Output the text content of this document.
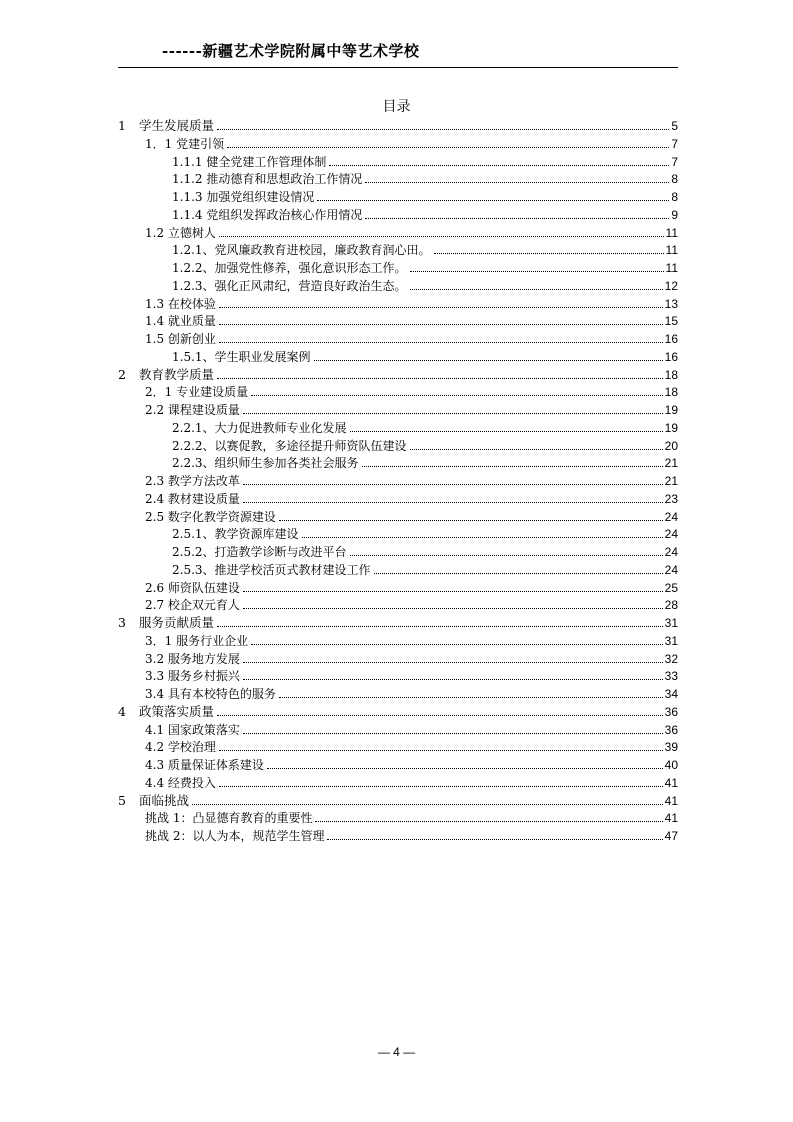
------新疆艺术学院附属中等艺术学校
目录
1 学生发展质量	5
1．1 党建引领	7
1.1.1 健全党建工作管理体制	7
1.1.2 推动德育和思想政治工作情况	8
1.1.3 加强党组织建设情况	8
1.1.4 党组织发挥政治核心作用情况	9
1.2 立德树人	11
1.2.1、党风廉政教育进校园，廉政教育润心田。	11
1.2.2、加强党性修养，强化意识形态工作。	11
1.2.3、强化正风肃纪，营造良好政治生态。	12
1.3 在校体验	13
1.4 就业质量	15
1.5 创新创业	16
1.5.1、学生职业发展案例	16
2 教育教学质量	18
2．1 专业建设质量	18
2.2 课程建设质量	19
2.2.1、大力促进教师专业化发展	19
2.2.2、以赛促教，多途径提升师资队伍建设	20
2.2.3、组织师生参加各类社会服务	21
2.3 教学方法改革	21
2.4 教材建设质量	23
2.5 数字化教学资源建设	24
2.5.1、教学资源库建设	24
2.5.2、打造教学诊断与改进平台	24
2.5.3、推进学校活页式教材建设工作	24
2.6 师资队伍建设	25
2.7 校企双元育人	28
3 服务贡献质量	31
3．1 服务行业企业	31
3.2 服务地方发展	32
3.3 服务乡村振兴	33
3.4 具有本校特色的服务	34
4 政策落实质量	36
4.1 国家政策落实	36
4.2 学校治理	39
4.3 质量保证体系建设	40
4.4 经费投入	41
5 面临挑战	41
挑战 1：凸显德育教育的重要性	41
挑战 2：以人为本，规范学生管理	47
— 4 —
